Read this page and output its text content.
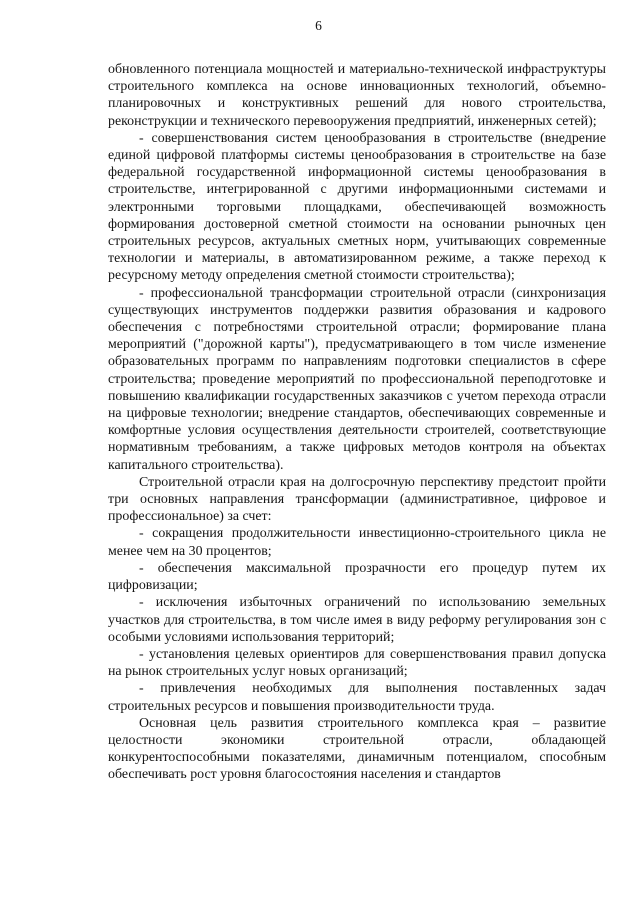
6

обновленного потенциала мощностей и материально-технической инфраструктуры строительного комплекса на основе инновационных технологий, объемно-планировочных и конструктивных решений для нового строительства, реконструкции и технического перевооружения предприятий, инженерных сетей);

- совершенствования систем ценообразования в строительстве (внедрение единой цифровой платформы системы ценообразования в строительстве на базе федеральной государственной информационной системы ценообразования в строительстве, интегрированной с другими информационными системами и электронными торговыми площадками, обеспечивающей возможность формирования достоверной сметной стоимости на основании рыночных цен строительных ресурсов, актуальных сметных норм, учитывающих современные технологии и материалы, в автоматизированном режиме, а также переход к ресурсному методу определения сметной стоимости строительства);

- профессиональной трансформации строительной отрасли (синхронизация существующих инструментов поддержки развития образования и кадрового обеспечения с потребностями строительной отрасли; формирование плана мероприятий ("дорожной карты"), предусматривающего в том числе изменение образовательных программ по направлениям подготовки специалистов в сфере строительства; проведение мероприятий по профессиональной переподготовке и повышению квалификации государственных заказчиков с учетом перехода отрасли на цифровые технологии; внедрение стандартов, обеспечивающих современные и комфортные условия осуществления деятельности строителей, соответствующие нормативным требованиям, а также цифровых методов контроля на объектах капитального строительства).

Строительной отрасли края на долгосрочную перспективу предстоит пройти три основных направления трансформации (административное, цифровое и профессиональное) за счет:

- сокращения продолжительности инвестиционно-строительного цикла не менее чем на 30 процентов;

- обеспечения максимальной прозрачности его процедур путем их цифровизации;

- исключения избыточных ограничений по использованию земельных участков для строительства, в том числе имея в виду реформу регулирования зон с особыми условиями использования территорий;

- установления целевых ориентиров для совершенствования правил допуска на рынок строительных услуг новых организаций;

- привлечения необходимых для выполнения поставленных задач строительных ресурсов и повышения производительности труда.

Основная цель развития строительного комплекса края – развитие целостности экономики строительной отрасли, обладающей конкурентоспособными показателями, динамичным потенциалом, способным обеспечивать рост уровня благосостояния населения и стандартов
